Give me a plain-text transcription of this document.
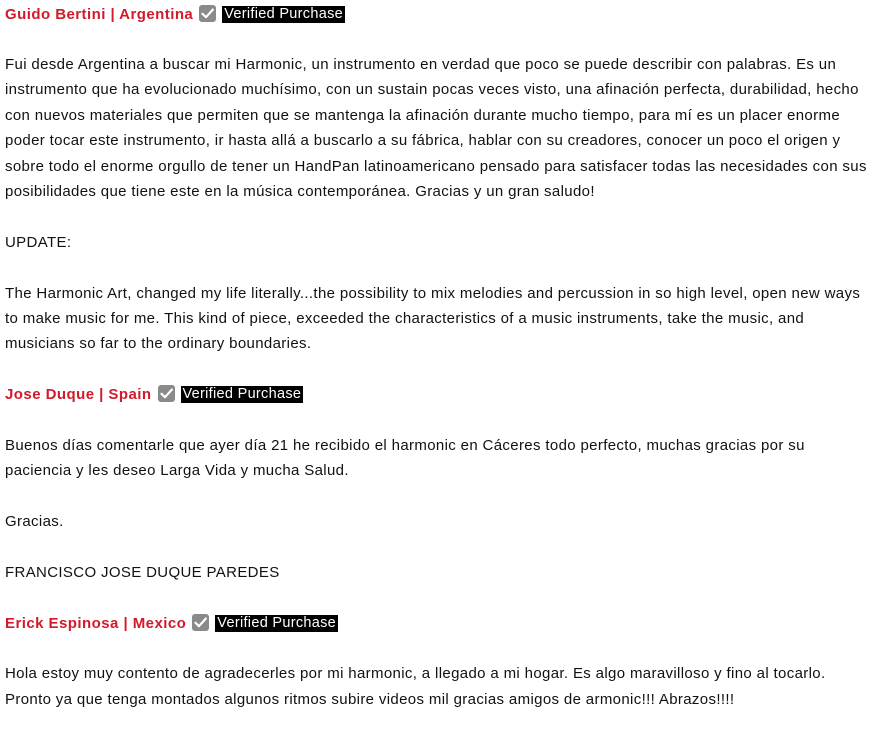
Guido Bertini | Argentina Verified Purchase

Fui desde Argentina a buscar mi Harmonic, un instrumento en verdad que poco se puede describir con palabras. Es un instrumento que ha evolucionado muchísimo, con un sustain pocas veces visto, una afinación perfecta, durabilidad, hecho con nuevos materiales que permiten que se mantenga la afinación durante mucho tiempo, para mí es un placer enorme poder tocar este instrumento, ir hasta allá a buscarlo a su fábrica, hablar con su creadores, conocer un poco el origen y sobre todo el enorme orgullo de tener un HandPan latinoamericano pensado para satisfacer todas las necesidades con sus posibilidades que tiene este en la música contemporánea. Gracias y un gran saludo!

UPDATE:

The Harmonic Art, changed my life literally...the possibility to mix melodies and percussion in so high level, open new ways to make music for me. This kind of piece, exceeded the characteristics of a music instruments, take the music, and musicians so far to the ordinary boundaries.

Jose Duque | Spain Verified Purchase

Buenos días comentarle que ayer día 21 he recibido el harmonic en Cáceres todo perfecto, muchas gracias por su paciencia y les deseo Larga Vida y mucha Salud.

Gracias.

FRANCISCO JOSE DUQUE PAREDES

Erick Espinosa | Mexico Verified Purchase

Hola estoy muy contento de agradecerles por mi harmonic, a llegado a mi hogar. Es algo maravilloso y fino al tocarlo. Pronto ya que tenga montados algunos ritmos subire videos mil gracias amigos de armonic!!! Abrazos!!!!
